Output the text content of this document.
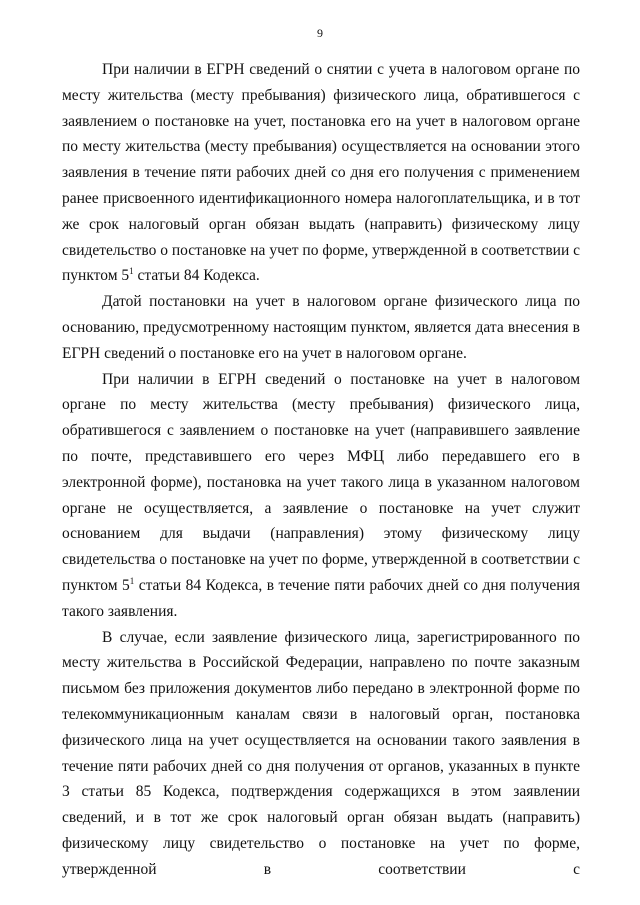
9

При наличии в ЕГРН сведений о снятии с учета в налоговом органе по месту жительства (месту пребывания) физического лица, обратившегося с заявлением о постановке на учет, постановка его на учет в налоговом органе по месту жительства (месту пребывания) осуществляется на основании этого заявления в течение пяти рабочих дней со дня его получения с применением ранее присвоенного идентификационного номера налогоплательщика, и в тот же срок налоговый орган обязан выдать (направить) физическому лицу свидетельство о постановке на учет по форме, утвержденной в соответствии с пунктом $5^1$ статьи 84 Кодекса.

Датой постановки на учет в налоговом органе физического лица по основанию, предусмотренному настоящим пунктом, является дата внесения в ЕГРН сведений о постановке его на учет в налоговом органе.

При наличии в ЕГРН сведений о постановке на учет в налоговом органе по месту жительства (месту пребывания) физического лица, обратившегося с заявлением о постановке на учет (направившего заявление по почте, представившего его через МФЦ либо передавшего его в электронной форме), постановка на учет такого лица в указанном налоговом органе не осуществляется, а заявление о постановке на учет служит основанием для выдачи (направления) этому физическому лицу свидетельства о постановке на учет по форме, утвержденной в соответствии с пунктом $5^1$ статьи 84 Кодекса, в течение пяти рабочих дней со дня получения такого заявления.

В случае, если заявление физического лица, зарегистрированного по месту жительства в Российской Федерации, направлено по почте заказным письмом без приложения документов либо передано в электронной форме по телекоммуникационным каналам связи в налоговый орган, постановка физического лица на учет осуществляется на основании такого заявления в течение пяти рабочих дней со дня получения от органов, указанных в пункте 3 статьи 85 Кодекса, подтверждения содержащихся в этом заявлении сведений, и в тот же срок налоговый орган обязан выдать (направить) физическому лицу свидетельство о постановке на учет по форме, утвержденной в соответствии с
